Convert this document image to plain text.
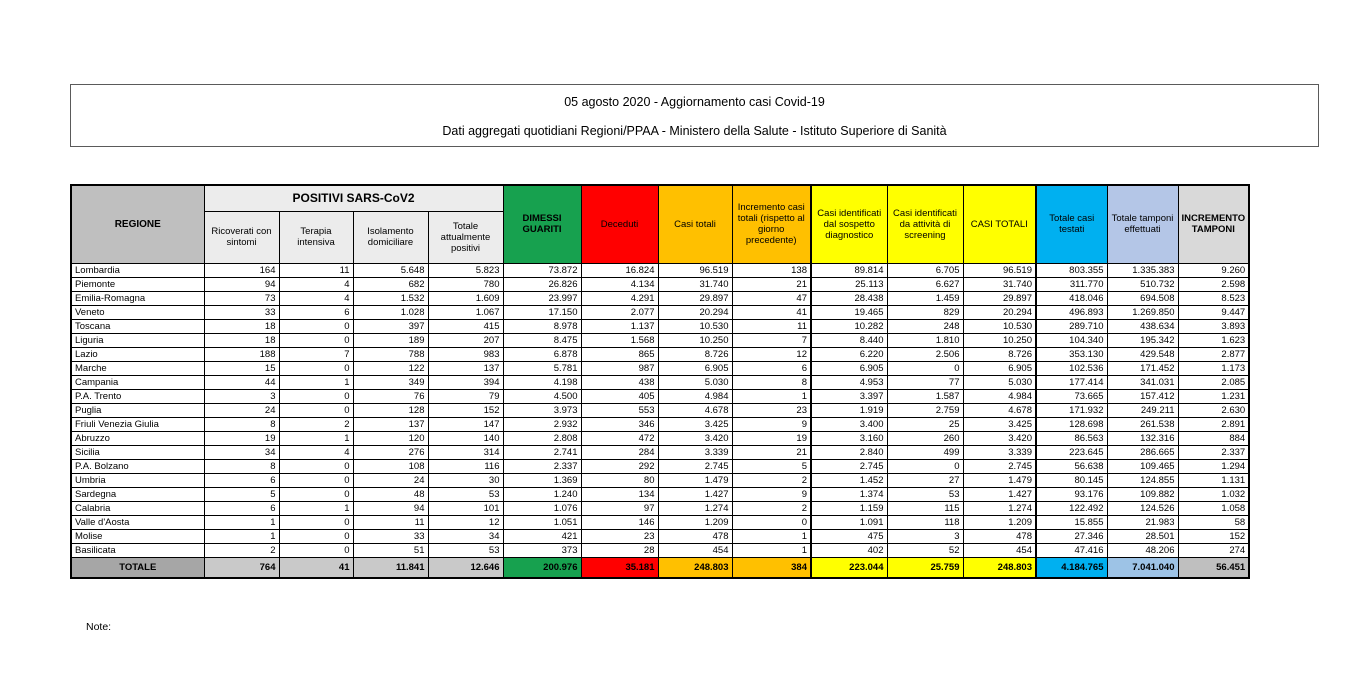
05 agosto 2020 - Aggiornamento casi Covid-19
Dati aggregati quotidiani Regioni/PPAA - Ministero della Salute - Istituto Superiore di Sanità
REGIONE	POSITIVI SARS-CoV2				DIMESSI GUARITI	Deceduti	Casi totali	Incremento casi totali (rispetto al giorno precedente)	Casi identificati dal sospetto diagnostico	Casi identificati da attività di screening	CASI TOTALI	Totale casi testati	Totale tamponi effettuati	INCREMENTO TAMPONI
	Ricoverati con sintomi	Terapia intensiva	Isolamento domiciliare	Totale attualmente positivi										
Lombardia	164	11	5.648	5.823	73.872	16.824	96.519	138	89.814	6.705	96.519	803.355	1.335.383	9.260
Piemonte	94	4	682	780	26.826	4.134	31.740	21	25.113	6.627	31.740	311.770	510.732	2.598
Emilia-Romagna	73	4	1.532	1.609	23.997	4.291	29.897	47	28.438	1.459	29.897	418.046	694.508	8.523
Veneto	33	6	1.028	1.067	17.150	2.077	20.294	41	19.465	829	20.294	496.893	1.269.850	9.447
Toscana	18	0	397	415	8.978	1.137	10.530	11	10.282	248	10.530	289.710	438.634	3.893
Liguria	18	0	189	207	8.475	1.568	10.250	7	8.440	1.810	10.250	104.340	195.342	1.623
Lazio	188	7	788	983	6.878	865	8.726	12	6.220	2.506	8.726	353.130	429.548	2.877
Marche	15	0	122	137	5.781	987	6.905	6	6.905	0	6.905	102.536	171.452	1.173
Campania	44	1	349	394	4.198	438	5.030	8	4.953	77	5.030	177.414	341.031	2.085
P.A. Trento	3	0	76	79	4.500	405	4.984	1	3.397	1.587	4.984	73.665	157.412	1.231
Puglia	24	0	128	152	3.973	553	4.678	23	1.919	2.759	4.678	171.932	249.211	2.630
Friuli Venezia Giulia	8	2	137	147	2.932	346	3.425	9	3.400	25	3.425	128.698	261.538	2.891
Abruzzo	19	1	120	140	2.808	472	3.420	19	3.160	260	3.420	86.563	132.316	884
Sicilia	34	4	276	314	2.741	284	3.339	21	2.840	499	3.339	223.645	286.665	2.337
P.A. Bolzano	8	0	108	116	2.337	292	2.745	5	2.745	0	2.745	56.638	109.465	1.294
Umbria	6	0	24	30	1.369	80	1.479	2	1.452	27	1.479	80.145	124.855	1.131
Sardegna	5	0	48	53	1.240	134	1.427	9	1.374	53	1.427	93.176	109.882	1.032
Calabria	6	1	94	101	1.076	97	1.274	2	1.159	115	1.274	122.492	124.526	1.058
Valle d'Aosta	1	0	11	12	1.051	146	1.209	0	1.091	118	1.209	15.855	21.983	58
Molise	1	0	33	34	421	23	478	1	475	3	478	27.346	28.501	152
Basilicata	2	0	51	53	373	28	454	1	402	52	454	47.416	48.206	274
TOTALE	764	41	11.841	12.646	200.976	35.181	248.803	384	223.044	25.759	248.803	4.184.765	7.041.040	56.451
Note:
